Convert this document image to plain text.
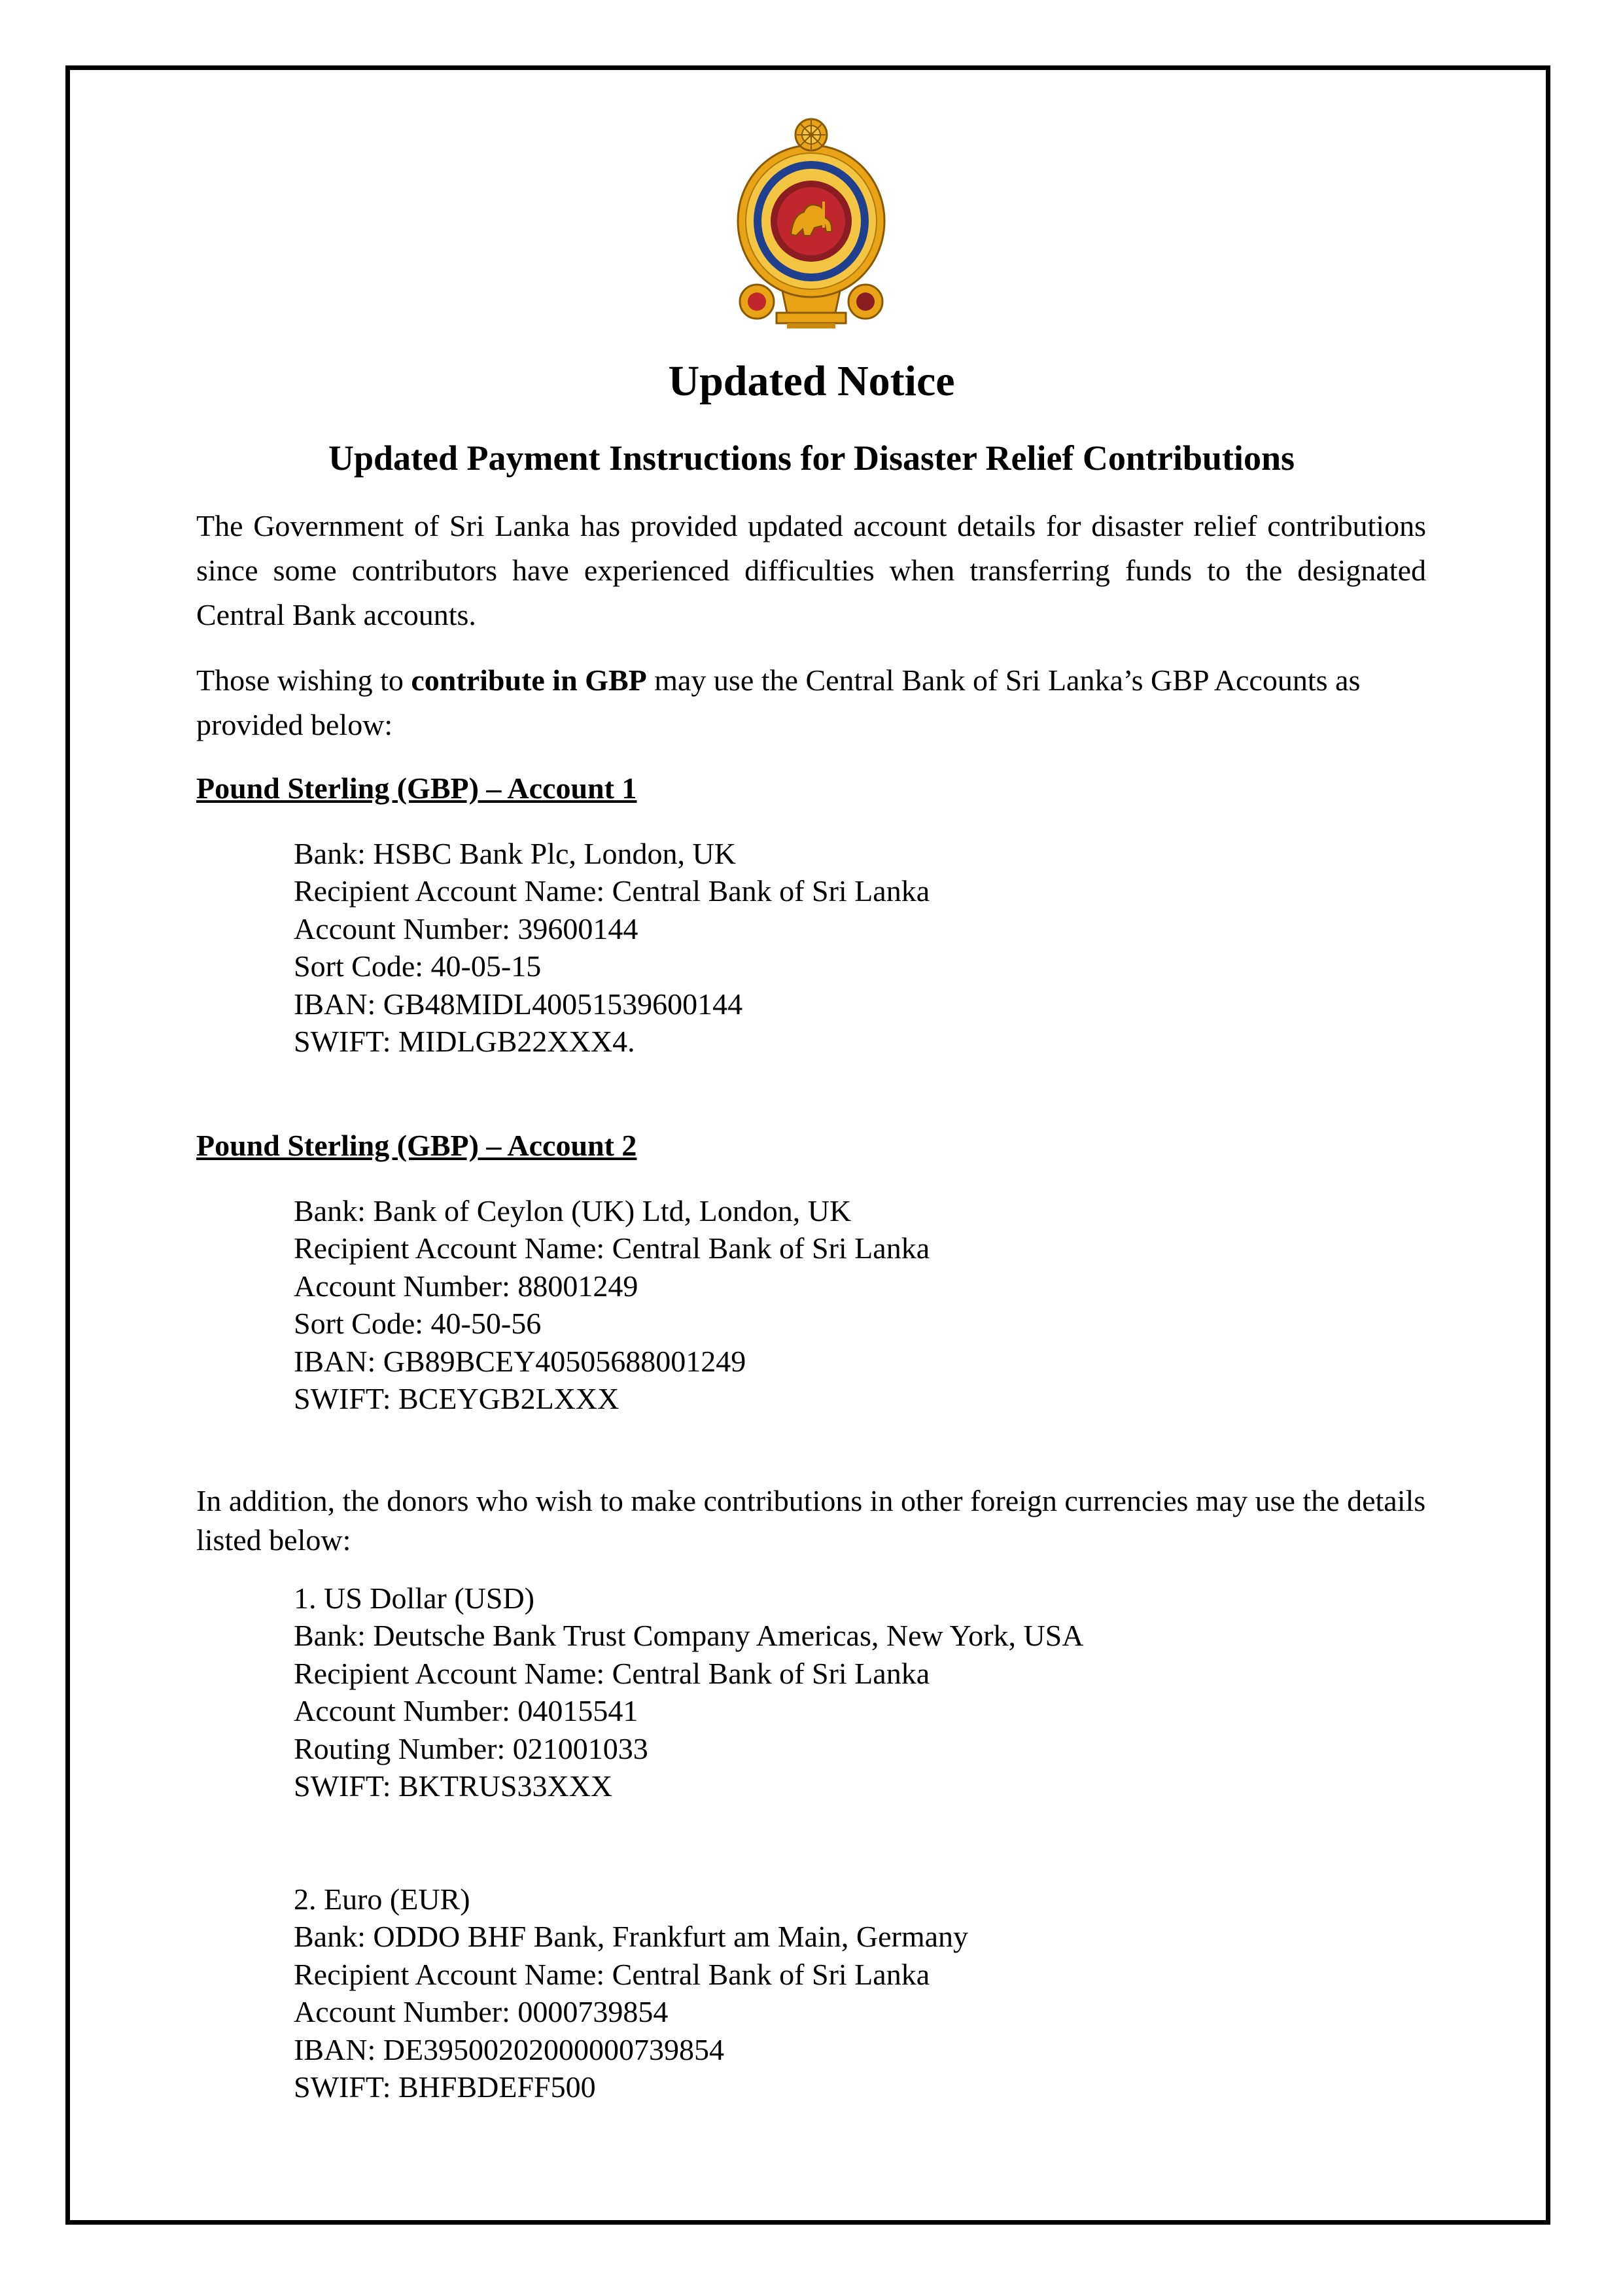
Updated Notice
Updated Payment Instructions for Disaster Relief Contributions
The Government of Sri Lanka has provided updated account details for disaster relief contributions since some contributors have experienced difficulties when transferring funds to the designated Central Bank accounts.
Those wishing to contribute in GBP may use the Central Bank of Sri Lanka’s GBP Accounts as provided below:
Pound Sterling (GBP) – Account 1
Bank: HSBC Bank Plc, London, UK
Recipient Account Name: Central Bank of Sri Lanka
Account Number: 39600144
Sort Code: 40-05-15
IBAN: GB48MIDL40051539600144
SWIFT: MIDLGB22XXX4.
Pound Sterling (GBP) – Account 2
Bank: Bank of Ceylon (UK) Ltd, London, UK
Recipient Account Name: Central Bank of Sri Lanka
Account Number: 88001249
Sort Code: 40-50-56
IBAN: GB89BCEY40505688001249
SWIFT: BCEYGB2LXXX
In addition, the donors who wish to make contributions in other foreign currencies may use the details listed below:
1. US Dollar (USD)
Bank: Deutsche Bank Trust Company Americas, New York, USA
Recipient Account Name: Central Bank of Sri Lanka
Account Number: 04015541
Routing Number: 021001033
SWIFT: BKTRUS33XXX
2. Euro (EUR)
Bank: ODDO BHF Bank, Frankfurt am Main, Germany
Recipient Account Name: Central Bank of Sri Lanka
Account Number: 0000739854
IBAN: DE39500202000000739854
SWIFT: BHFBDEFF500
